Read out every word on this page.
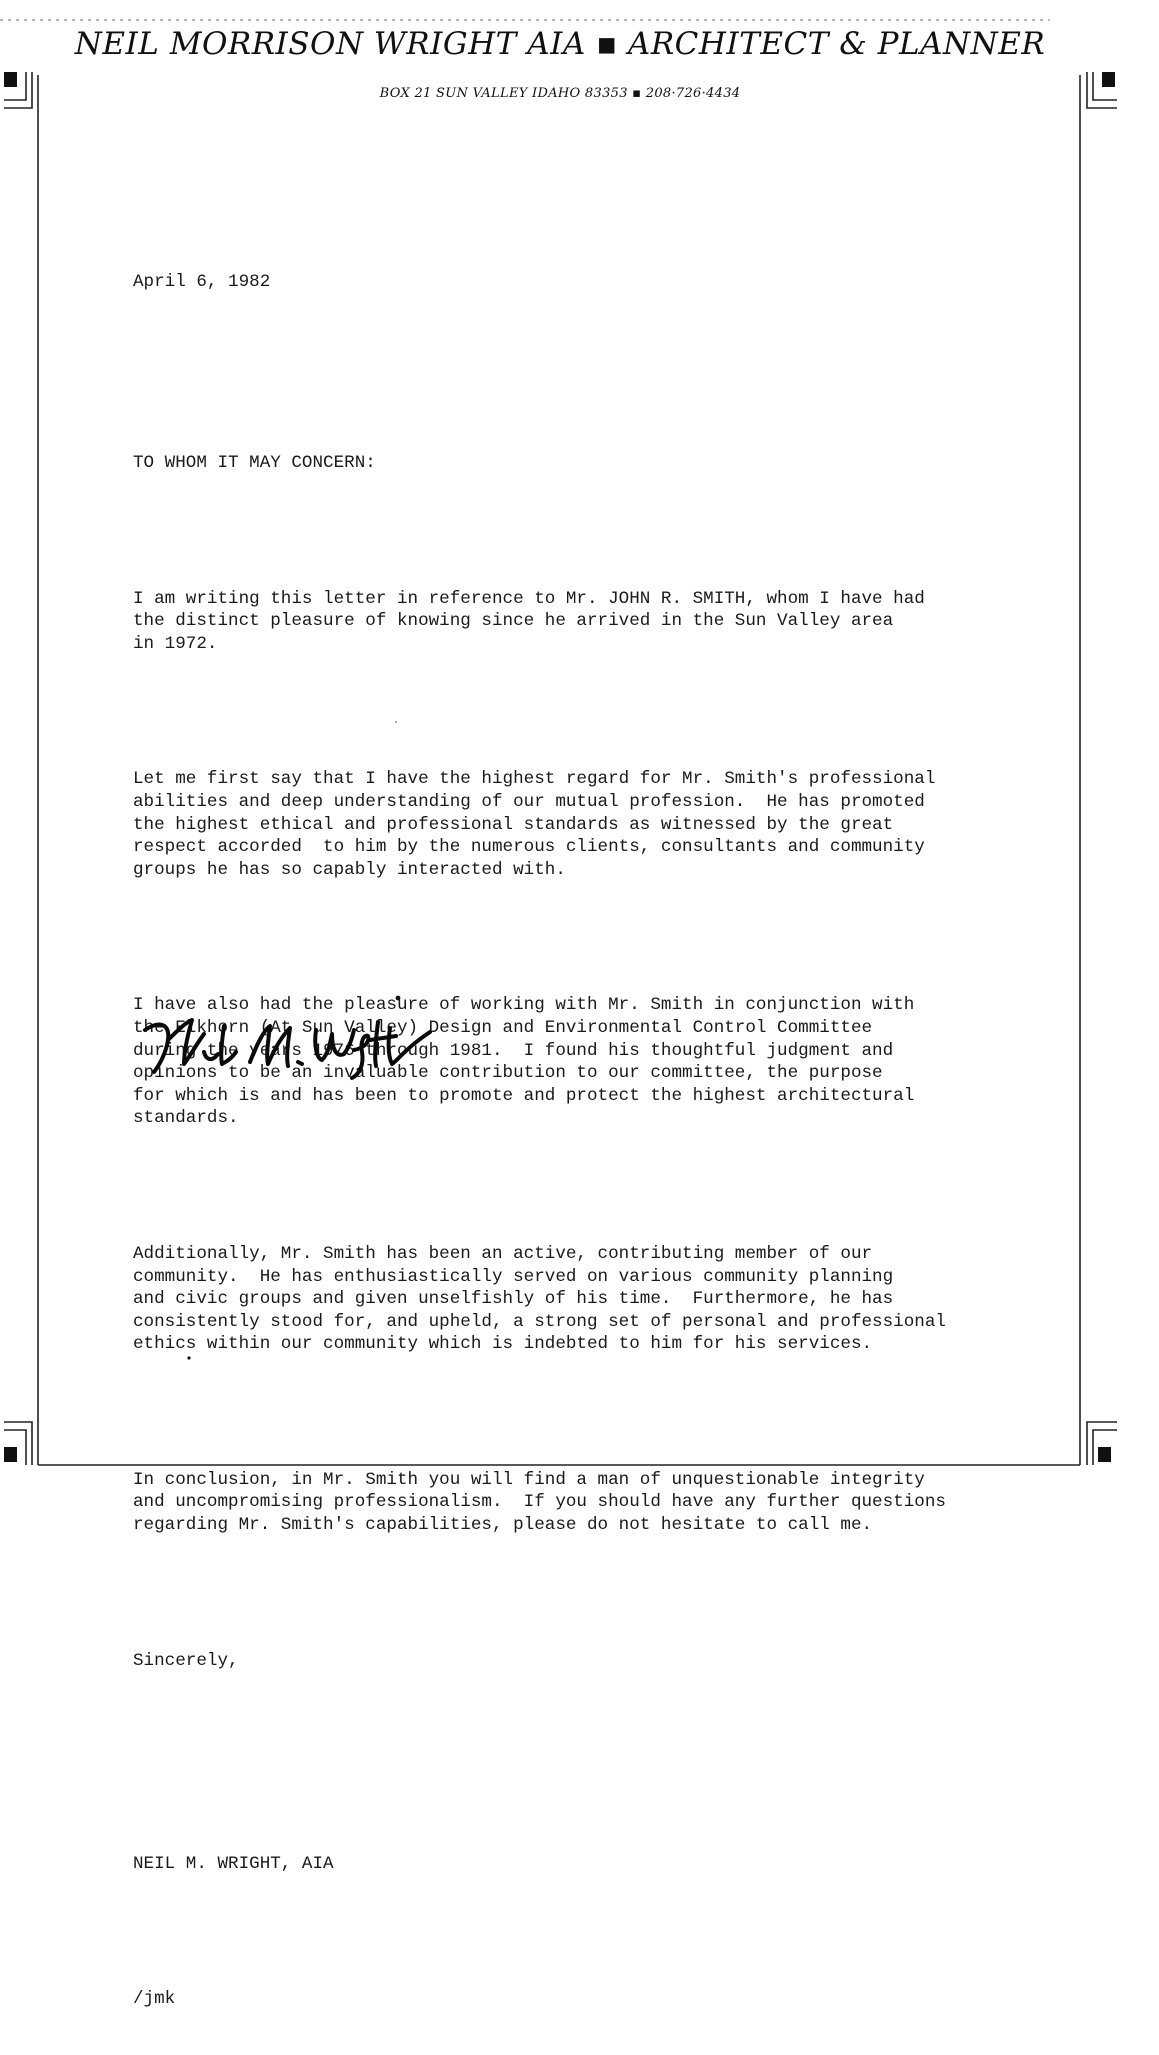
NEIL MORRISON WRIGHT AIA ▪ ARCHITECT & PLANNER
BOX 21 SUN VALLEY IDAHO 83353 ▪ 208·726·4434

April 6, 1982

TO WHOM IT MAY CONCERN:

I am writing this letter in reference to Mr. JOHN R. SMITH, whom I have had
the distinct pleasure of knowing since he arrived in the Sun Valley area
in 1972.

Let me first say that I have the highest regard for Mr. Smith's professional
abilities and deep understanding of our mutual profession.  He has promoted
the highest ethical and professional standards as witnessed by the great
respect accorded  to him by the numerous clients, consultants and community
groups he has so capably interacted with.

I have also had the pleasure of working with Mr. Smith in conjunction with
the Elkhorn (At Sun Valley) Design and Environmental Control Committee
during the years 1976 through 1981.  I found his thoughtful judgment and
opinions to be an invaluable contribution to our committee, the purpose
for which is and has been to promote and protect the highest architectural
standards.

Additionally, Mr. Smith has been an active, contributing member of our
community.  He has enthusiastically served on various community planning
and civic groups and given unselfishly of his time.  Furthermore, he has
consistently stood for, and upheld, a strong set of personal and professional
ethics within our community which is indebted to him for his services.

In conclusion, in Mr. Smith you will find a man of unquestionable integrity
and uncompromising professionalism.  If you should have any further questions
regarding Mr. Smith's capabilities, please do not hesitate to call me.

Sincerely,

NEIL M. WRIGHT, AIA

/jmk
